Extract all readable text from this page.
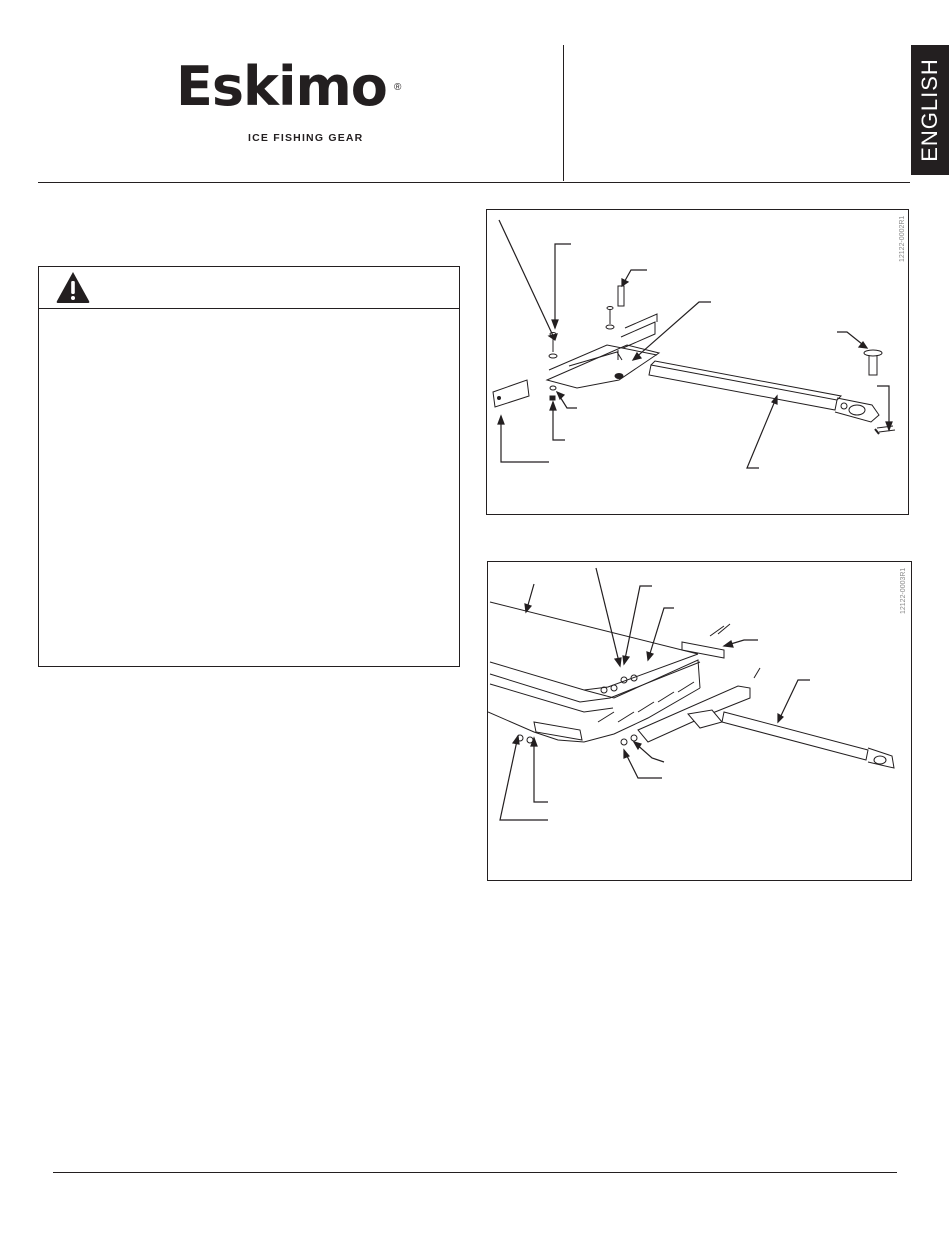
Eskimo ®
ICE FISHING GEAR	ENGLISH
12122-0002R1
12122-0003R1
